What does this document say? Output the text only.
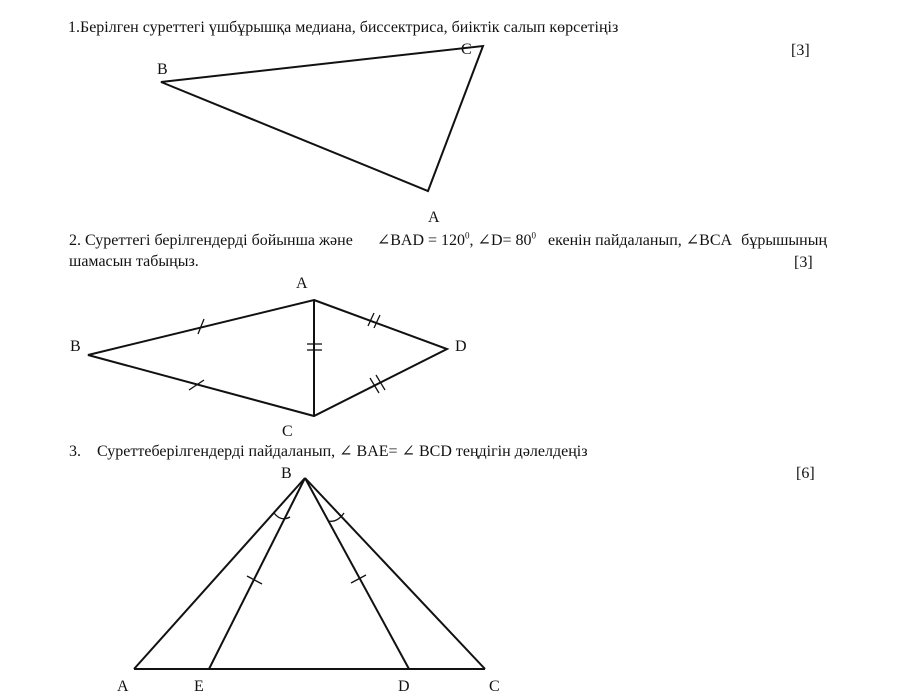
1.Берілген суреттегі үшбұрышқа медиана, биссектриса, биіктік салып көрсетіңіз
[3]
B
C
A
2. Суреттегі берілгендерді бойынша және ∠BAD = $120^0$, ∠D= $80^0$ екенін пайдаланып, ∠BCA бұрышының
шамасын табыңыз.	[3]
A
B	D
C
3. Суреттеберілгендерді пайдаланып, ∠ BAE= ∠ BCD теңдігін дәлелдеңіз
[6]
B
A	E	D	C
